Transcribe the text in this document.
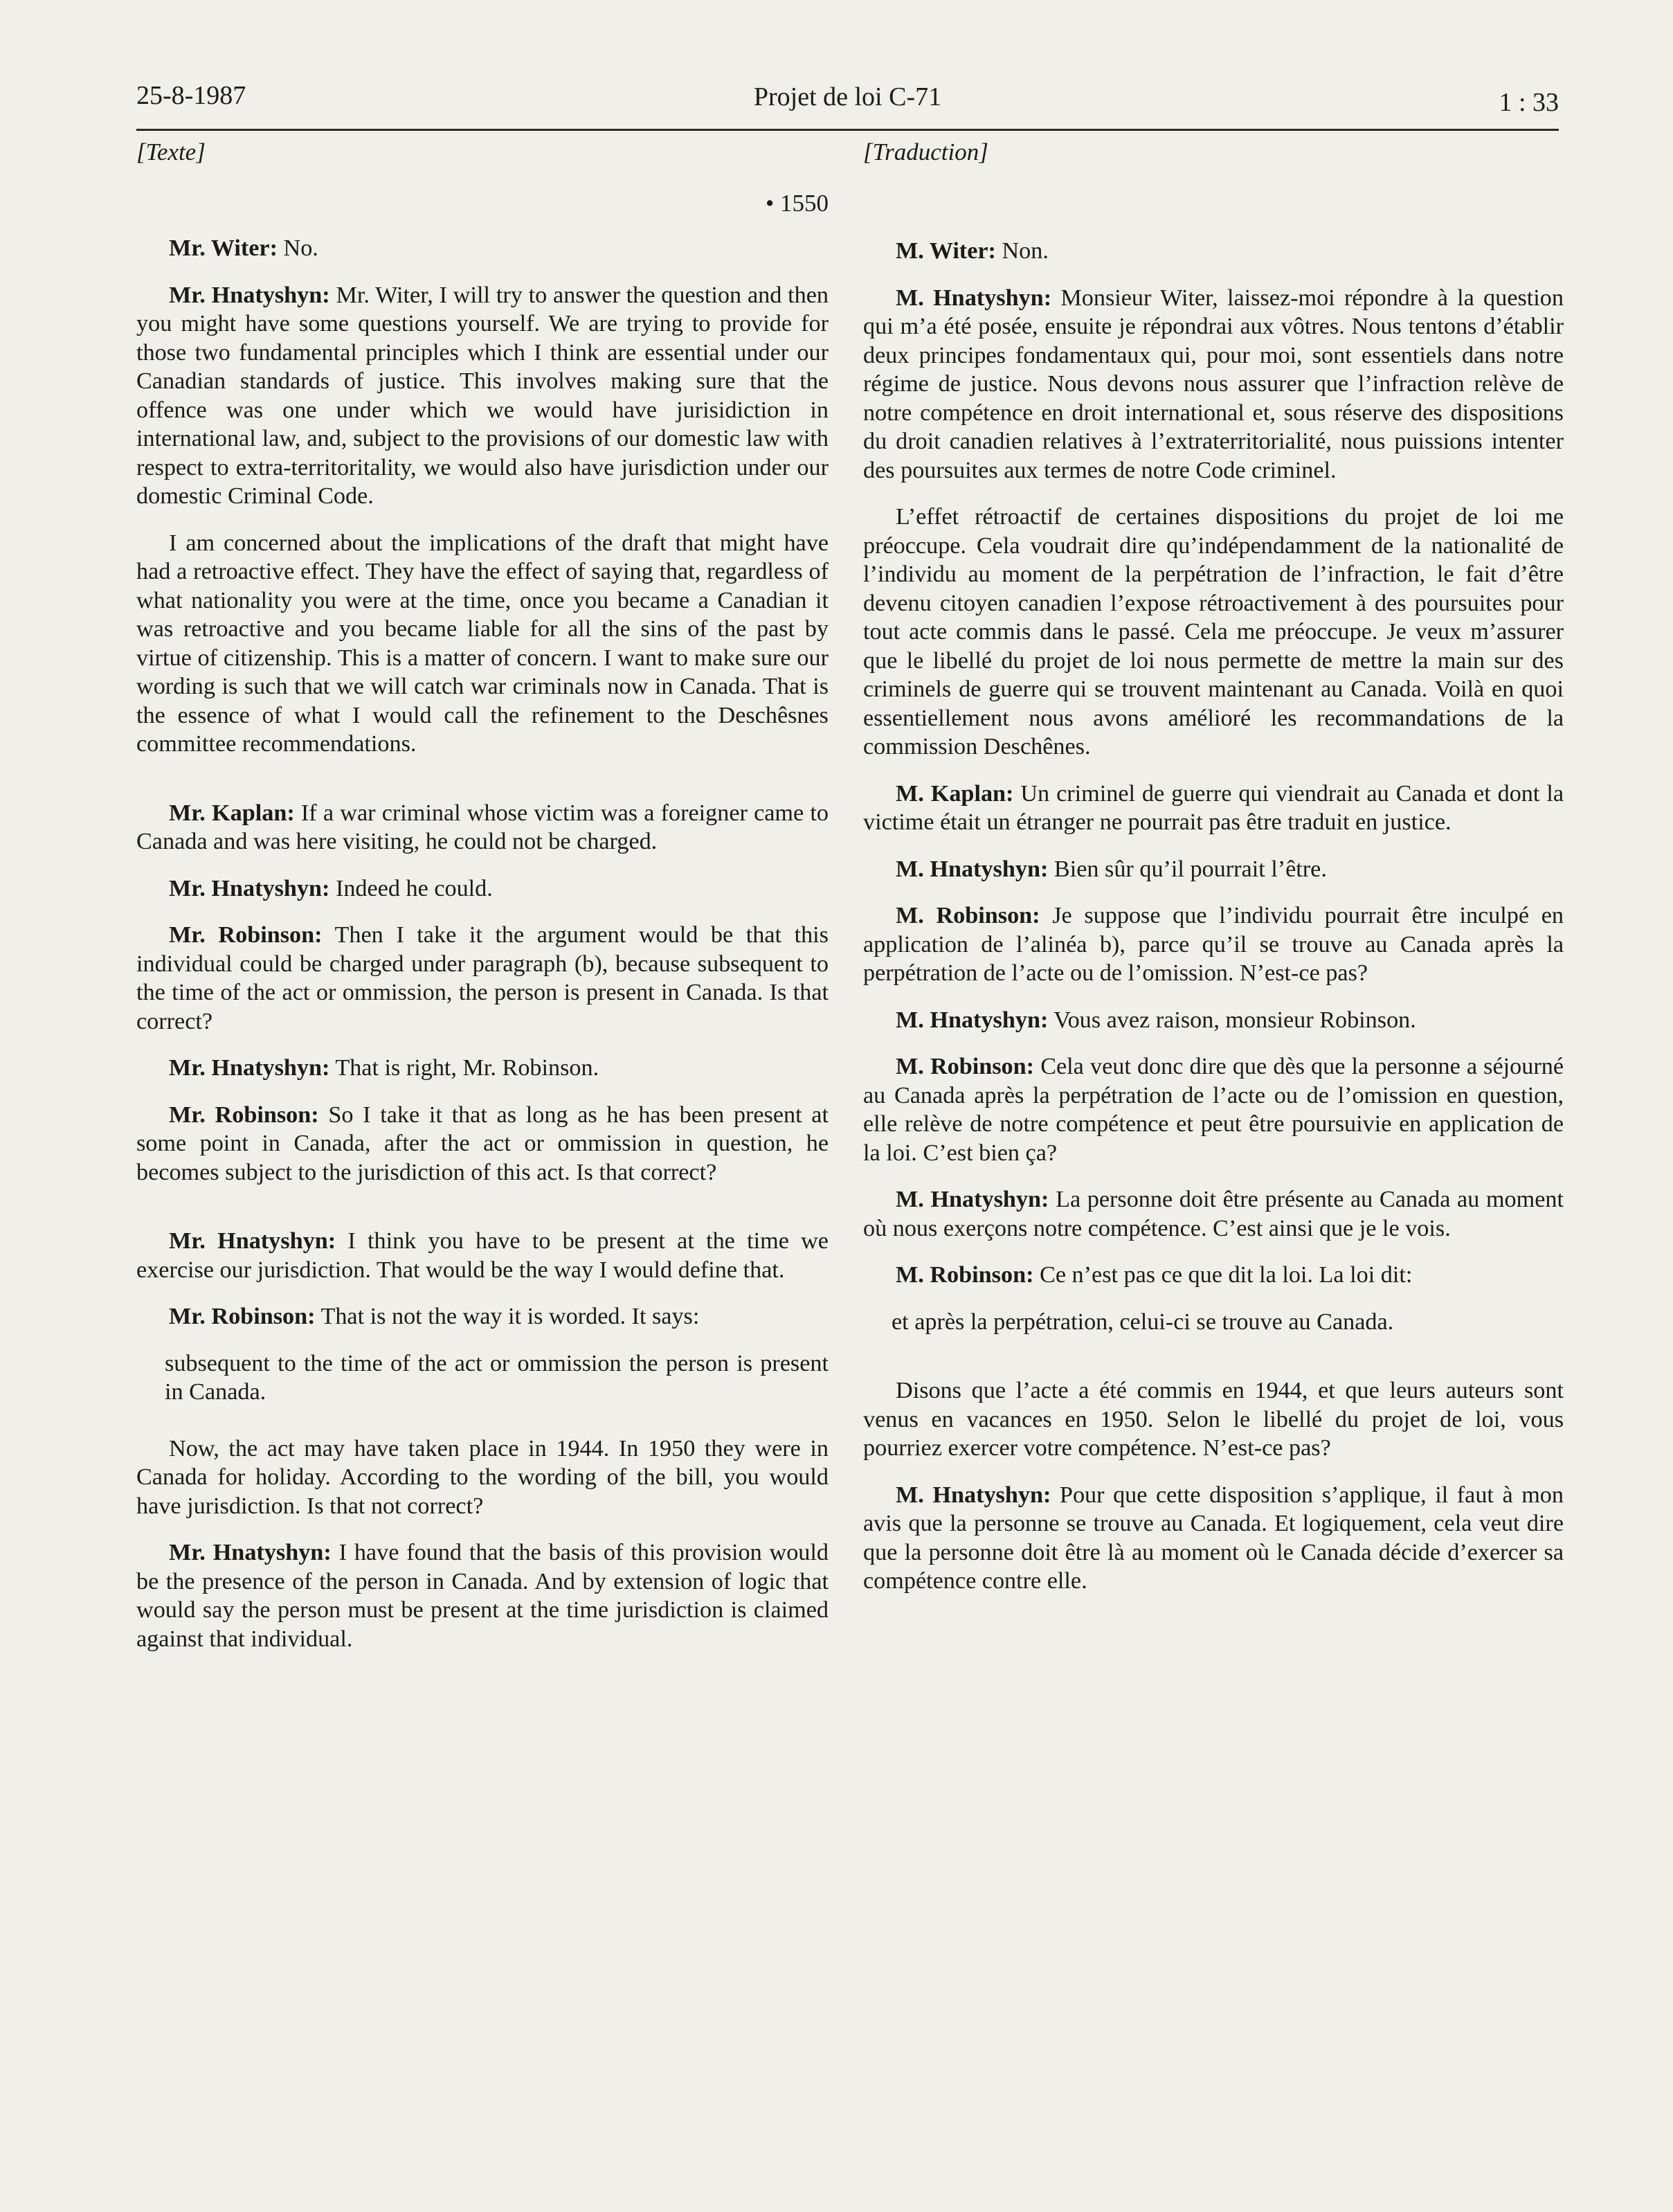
25-8-1987	Projet de loi C-71	1 : 33
[Texte]
• 1550

Mr. Witer: No.

Mr. Hnatyshyn: Mr. Witer, I will try to answer the question and then you might have some questions yourself. We are trying to provide for those two fundamental principles which I think are essential under our Canadian standards of justice. This involves making sure that the offence was one under which we would have jurisidiction in international law, and, subject to the provisions of our domestic law with respect to extra-territoritality, we would also have jurisdiction under our domestic Criminal Code.

I am concerned about the implications of the draft that might have had a retroactive effect. They have the effect of saying that, regardless of what nationality you were at the time, once you became a Canadian it was retroactive and you became liable for all the sins of the past by virtue of citizenship. This is a matter of concern. I want to make sure our wording is such that we will catch war criminals now in Canada. That is the essence of what I would call the refinement to the Deschêsnes committee recommendations.

Mr. Kaplan: If a war criminal whose victim was a foreigner came to Canada and was here visiting, he could not be charged.

Mr. Hnatyshyn: Indeed he could.

Mr. Robinson: Then I take it the argument would be that this individual could be charged under paragraph (b), because subsequent to the time of the act or ommission, the person is present in Canada. Is that correct?

Mr. Hnatyshyn: That is right, Mr. Robinson.

Mr. Robinson: So I take it that as long as he has been present at some point in Canada, after the act or ommission in question, he becomes subject to the jurisdiction of this act. Is that correct?

Mr. Hnatyshyn: I think you have to be present at the time we exercise our jurisdiction. That would be the way I would define that.

Mr. Robinson: That is not the way it is worded. It says:

subsequent to the time of the act or ommission the person is present in Canada.

Now, the act may have taken place in 1944. In 1950 they were in Canada for holiday. According to the wording of the bill, you would have jurisdiction. Is that not correct?

Mr. Hnatyshyn: I have found that the basis of this provision would be the presence of the person in Canada. And by extension of logic that would say the person must be present at the time jurisdiction is claimed against that individual.

[Traduction]

M. Witer: Non.

M. Hnatyshyn: Monsieur Witer, laissez-moi répondre à la question qui m’a été posée, ensuite je répondrai aux vôtres. Nous tentons d’établir deux principes fondamentaux qui, pour moi, sont essentiels dans notre régime de justice. Nous devons nous assurer que l’infraction relève de notre compétence en droit international et, sous réserve des dispositions du droit canadien relatives à l’extraterritorialité, nous puissions intenter des poursuites aux termes de notre Code criminel.

L’effet rétroactif de certaines dispositions du projet de loi me préoccupe. Cela voudrait dire qu’indépendamment de la nationalité de l’individu au moment de la perpétration de l’infraction, le fait d’être devenu citoyen canadien l’expose rétroactivement à des poursuites pour tout acte commis dans le passé. Cela me préoccupe. Je veux m’assurer que le libellé du projet de loi nous permette de mettre la main sur des criminels de guerre qui se trouvent maintenant au Canada. Voilà en quoi essentiellement nous avons amélioré les recommandations de la commission Deschênes.

M. Kaplan: Un criminel de guerre qui viendrait au Canada et dont la victime était un étranger ne pourrait pas être traduit en justice.

M. Hnatyshyn: Bien sûr qu’il pourrait l’être.

M. Robinson: Je suppose que l’individu pourrait être inculpé en application de l’alinéa b), parce qu’il se trouve au Canada après la perpétration de l’acte ou de l’omission. N’est-ce pas?

M. Hnatyshyn: Vous avez raison, monsieur Robinson.

M. Robinson: Cela veut donc dire que dès que la personne a séjourné au Canada après la perpétration de l’acte ou de l’omission en question, elle relève de notre compétence et peut être poursuivie en application de la loi. C’est bien ça?

M. Hnatyshyn: La personne doit être présente au Canada au moment où nous exerçons notre compétence. C’est ainsi que je le vois.

M. Robinson: Ce n’est pas ce que dit la loi. La loi dit:

et après la perpétration, celui-ci se trouve au Canada.

Disons que l’acte a été commis en 1944, et que leurs auteurs sont venus en vacances en 1950. Selon le libellé du projet de loi, vous pourriez exercer votre compétence. N’est-ce pas?

M. Hnatyshyn: Pour que cette disposition s’applique, il faut à mon avis que la personne se trouve au Canada. Et logiquement, cela veut dire que la personne doit être là au moment où le Canada décide d’exercer sa compétence contre elle.
